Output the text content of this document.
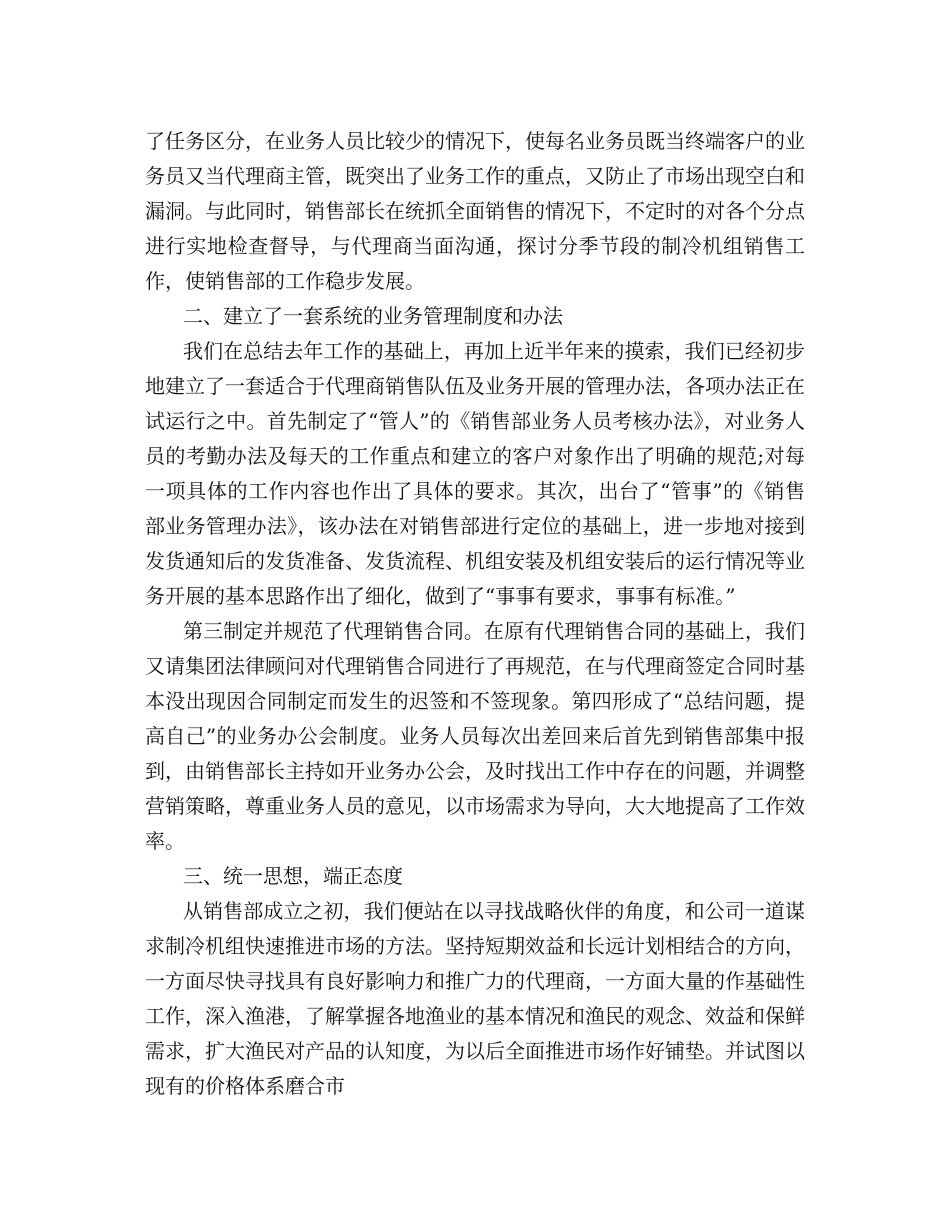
了任务区分，在业务人员比较少的情况下，使每名业务员既当终端客户的业务员又当代理商主管，既突出了业务工作的重点，又防止了市场出现空白和漏洞。与此同时，销售部长在统抓全面销售的情况下，不定时的对各个分点进行实地检查督导，与代理商当面沟通，探讨分季节段的制冷机组销售工作，使销售部的工作稳步发展。

二、建立了一套系统的业务管理制度和办法

我们在总结去年工作的基础上，再加上近半年来的摸索，我们已经初步地建立了一套适合于代理商销售队伍及业务开展的管理办法，各项办法正在试运行之中。首先制定了“管人”的《销售部业务人员考核办法》，对业务人员的考勤办法及每天的工作重点和建立的客户对象作出了明确的规范;对每一项具体的工作内容也作出了具体的要求。其次，出台了“管事”的《销售部业务管理办法》，该办法在对销售部进行定位的基础上，进一步地对接到发货通知后的发货准备、发货流程、机组安装及机组安装后的运行情况等业务开展的基本思路作出了细化，做到了“事事有要求，事事有标准。”

第三制定并规范了代理销售合同。在原有代理销售合同的基础上，我们又请集团法律顾问对代理销售合同进行了再规范，在与代理商签定合同时基本没出现因合同制定而发生的迟签和不签现象。第四形成了“总结问题，提高自己”的业务办公会制度。业务人员每次出差回来后首先到销售部集中报到，由销售部长主持如开业务办公会，及时找出工作中存在的问题，并调整营销策略，尊重业务人员的意见，以市场需求为导向，大大地提高了工作效率。

三、统一思想，端正态度

从销售部成立之初，我们便站在以寻找战略伙伴的角度，和公司一道谋求制冷机组快速推进市场的方法。坚持短期效益和长远计划相结合的方向，一方面尽快寻找具有良好影响力和推广力的代理商，一方面大量的作基础性工作，深入渔港，了解掌握各地渔业的基本情况和渔民的观念、效益和保鲜需求，扩大渔民对产品的认知度，为以后全面推进市场作好铺垫。并试图以现有的价格体系磨合市
